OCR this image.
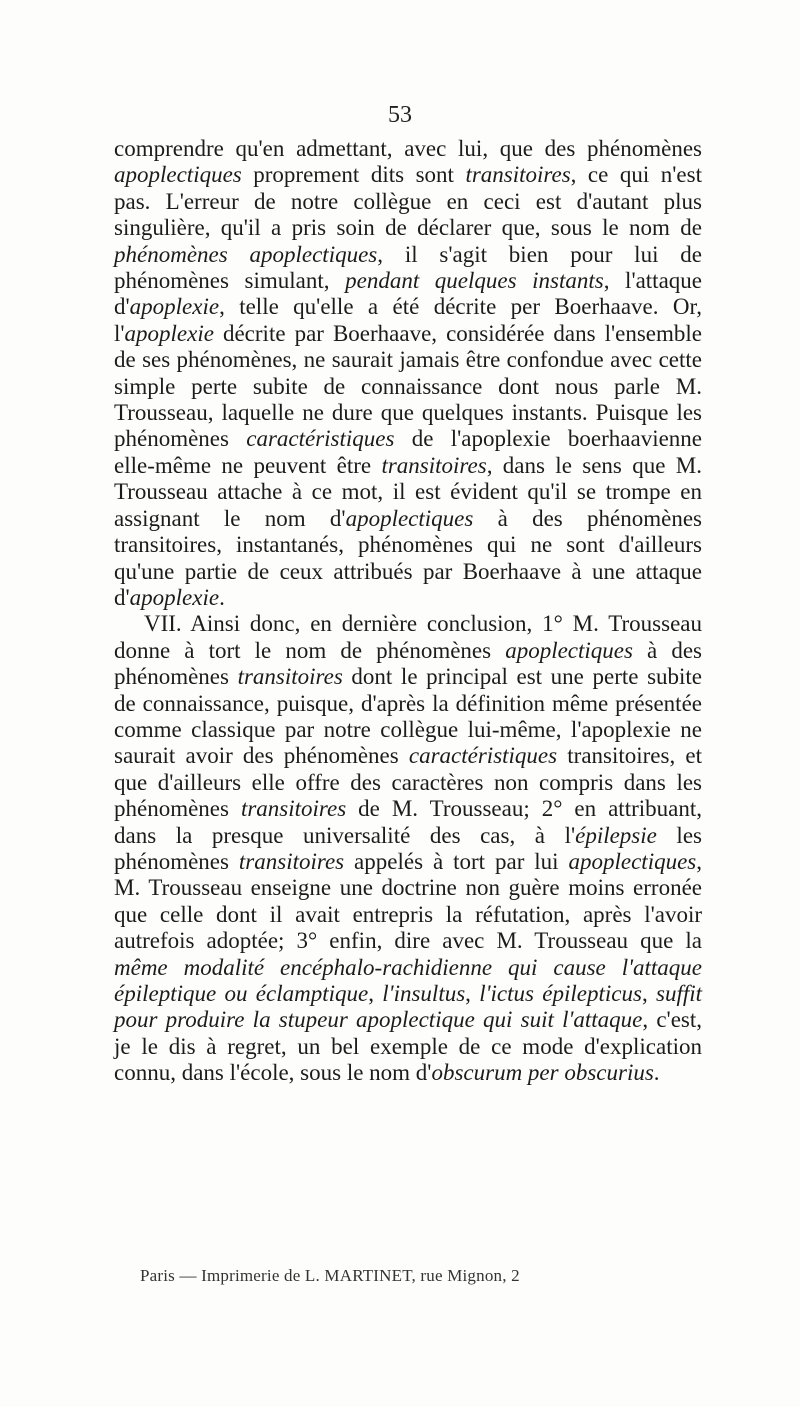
53

comprendre qu'en admettant, avec lui, que des phénomènes apoplectiques proprement dits sont transitoires, ce qui n'est pas. L'erreur de notre collègue en ceci est d'autant plus singulière, qu'il a pris soin de déclarer que, sous le nom de phénomènes apoplectiques, il s'agit bien pour lui de phénomènes simulant, pendant quelques instants, l'attaque d'apoplexie, telle qu'elle a été décrite per Boerhaave. Or, l'apoplexie décrite par Boerhaave, considérée dans l'ensemble de ses phénomènes, ne saurait jamais être confondue avec cette simple perte subite de connaissance dont nous parle M. Trousseau, laquelle ne dure que quelques instants. Puisque les phénomènes caractéristiques de l'apoplexie boerhaavienne elle-même ne peuvent être transitoires, dans le sens que M. Trousseau attache à ce mot, il est évident qu'il se trompe en assignant le nom d'apoplectiques à des phénomènes transitoires, instantanés, phénomènes qui ne sont d'ailleurs qu'une partie de ceux attribués par Boerhaave à une attaque d'apoplexie.

VII. Ainsi donc, en dernière conclusion, 1° M. Trousseau donne à tort le nom de phénomènes apoplectiques à des phénomènes transitoires dont le principal est une perte subite de connaissance, puisque, d'après la définition même présentée comme classique par notre collègue lui-même, l'apoplexie ne saurait avoir des phénomènes caractéristiques transitoires, et que d'ailleurs elle offre des caractères non compris dans les phénomènes transitoires de M. Trousseau; 2° en attribuant, dans la presque universalité des cas, à l'épilepsie les phénomènes transitoires appelés à tort par lui apoplectiques, M. Trousseau enseigne une doctrine non guère moins erronée que celle dont il avait entrepris la réfutation, après l'avoir autrefois adoptée; 3° enfin, dire avec M. Trousseau que la même modalité encéphalo-rachidienne qui cause l'attaque épileptique ou éclamptique, l'insultus, l'ictus épilepticus, suffit pour produire la stupeur apoplectique qui suit l'attaque, c'est, je le dis à regret, un bel exemple de ce mode d'explication connu, dans l'école, sous le nom d'obscurum per obscurius.

Paris — Imprimerie de L. MARTINET, rue Mignon, 2
